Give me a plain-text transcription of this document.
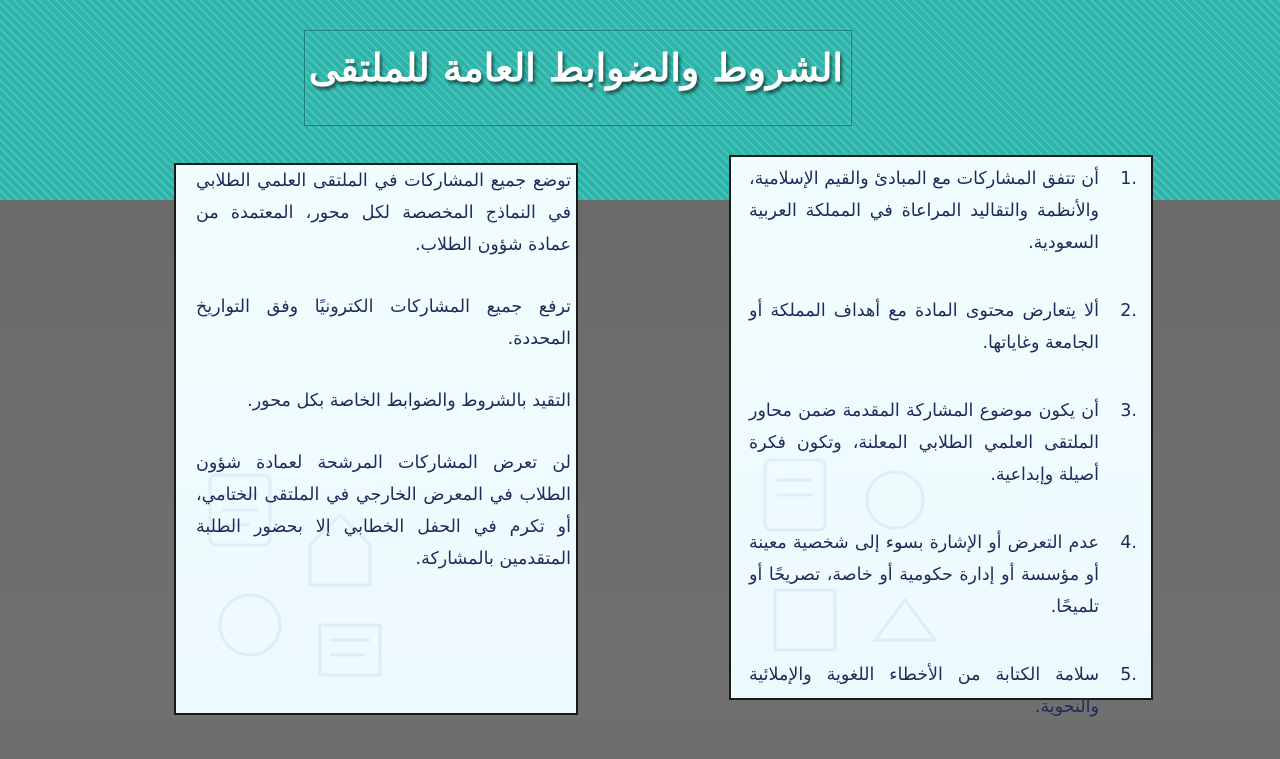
الشروط والضوابط العامة للملتقى

توضع جميع المشاركات في الملتقى العلمي الطلابي في النماذج المخصصة لكل محور، المعتمدة من عمادة شؤون الطلاب.

ترفع جميع المشاركات الكترونيًا وفق التواريخ المحددة.

التقيد بالشروط والضوابط الخاصة بكل محور.

لن تعرض المشاركات المرشحة لعمادة شؤون الطلاب في المعرض الخارجي في الملتقى الختامي، أو تكرم في الحفل الخطابي إلا بحضور الطلبة المتقدمين بالمشاركة.

1.
أن تتفق المشاركات مع المبادئ والقيم الإسلامية، والأنظمة والتقاليد المراعاة في المملكة العربية السعودية.
2.
ألا يتعارض محتوى المادة مع أهداف المملكة أو الجامعة وغاياتها.
3.
أن يكون موضوع المشاركة المقدمة ضمن محاور الملتقى العلمي الطلابي المعلنة، وتكون فكرة أصيلة وإبداعية.
4.
عدم التعرض أو الإشارة بسوء إلى شخصية معينة أو مؤسسة أو إدارة حكومية أو خاصة، تصريحًا أو تلميحًا.
5.
سلامة الكتابة من الأخطاء اللغوية والإملائية والنحوية.
